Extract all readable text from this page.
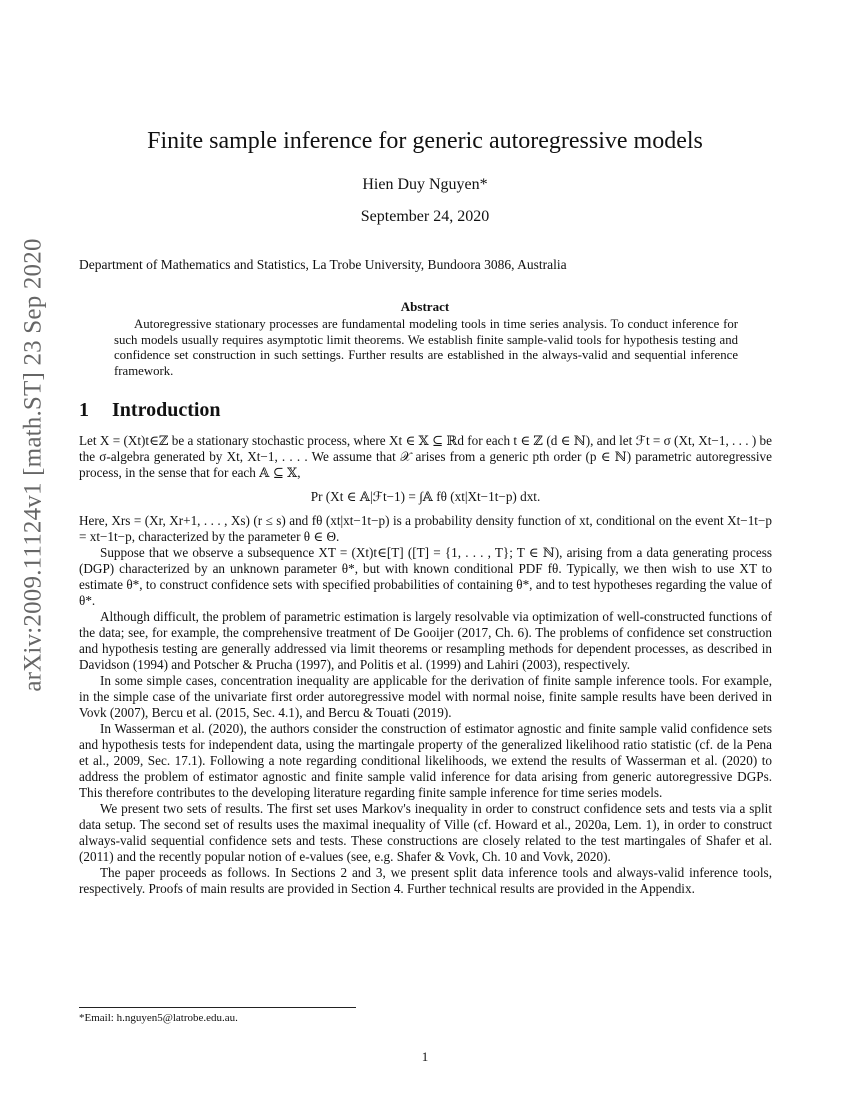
arXiv:2009.11124v1 [math.ST] 23 Sep 2020
Finite sample inference for generic autoregressive models
Hien Duy Nguyen*
September 24, 2020
Department of Mathematics and Statistics, La Trobe University, Bundoora 3086, Australia
Abstract
Autoregressive stationary processes are fundamental modeling tools in time series analysis. To conduct inference for such models usually requires asymptotic limit theorems. We establish finite sample-valid tools for hypothesis testing and confidence set construction in such settings. Further results are established in the always-valid and sequential inference framework.
1 Introduction

Let X = (Xt)t∈ℤ be a stationary stochastic process, where Xt ∈ 𝕏 ⊆ ℝd for each t ∈ ℤ (d ∈ ℕ), and let ℱt = σ (Xt, Xt−1, . . . ) be the σ-algebra generated by Xt, Xt−1, . . . . We assume that 𝒳 arises from a generic pth order (p ∈ ℕ) parametric autoregressive process, in the sense that for each 𝔸 ⊆ 𝕏,

Pr (Xt ∈ 𝔸|ℱt−1) = ∫𝔸 fθ (xt|Xt−1t−p) dxt.

Here, Xrs = (Xr, Xr+1, . . . , Xs) (r ≤ s) and fθ (xt|xt−1t−p) is a probability density function of xt, conditional on the event Xt−1t−p = xt−1t−p, characterized by the parameter θ ∈ Θ.

Suppose that we observe a subsequence XT = (Xt)t∈[T] ([T] = {1, . . . , T}; T ∈ ℕ), arising from a data generating process (DGP) characterized by an unknown parameter θ*, but with known conditional PDF fθ. Typically, we then wish to use XT to estimate θ*, to construct confidence sets with specified probabilities of containing θ*, and to test hypotheses regarding the value of θ*.

Although difficult, the problem of parametric estimation is largely resolvable via optimization of well-constructed functions of the data; see, for example, the comprehensive treatment of De Gooijer (2017, Ch. 6). The problems of confidence set construction and hypothesis testing are generally addressed via limit theorems or resampling methods for dependent processes, as described in Davidson (1994) and Potscher & Prucha (1997), and Politis et al. (1999) and Lahiri (2003), respectively.

In some simple cases, concentration inequality are applicable for the derivation of finite sample inference tools. For example, in the simple case of the univariate first order autoregressive model with normal noise, finite sample results have been derived in Vovk (2007), Bercu et al. (2015, Sec. 4.1), and Bercu & Touati (2019).

In Wasserman et al. (2020), the authors consider the construction of estimator agnostic and finite sample valid confidence sets and hypothesis tests for independent data, using the martingale property of the generalized likelihood ratio statistic (cf. de la Pena et al., 2009, Sec. 17.1). Following a note regarding conditional likelihoods, we extend the results of Wasserman et al. (2020) to address the problem of estimator agnostic and finite sample valid inference for data arising from generic autoregressive DGPs. This therefore contributes to the developing literature regarding finite sample inference for time series models.

We present two sets of results. The first set uses Markov's inequality in order to construct confidence sets and tests via a split data setup. The second set of results uses the maximal inequality of Ville (cf. Howard et al., 2020a, Lem. 1), in order to construct always-valid sequential confidence sets and tests. These constructions are closely related to the test martingales of Shafer et al. (2011) and the recently popular notion of e-values (see, e.g. Shafer & Vovk, Ch. 10 and Vovk, 2020).

The paper proceeds as follows. In Sections 2 and 3, we present split data inference tools and always-valid inference tools, respectively. Proofs of main results are provided in Section 4. Further technical results are provided in the Appendix.

*Email: h.nguyen5@latrobe.edu.au.
1
